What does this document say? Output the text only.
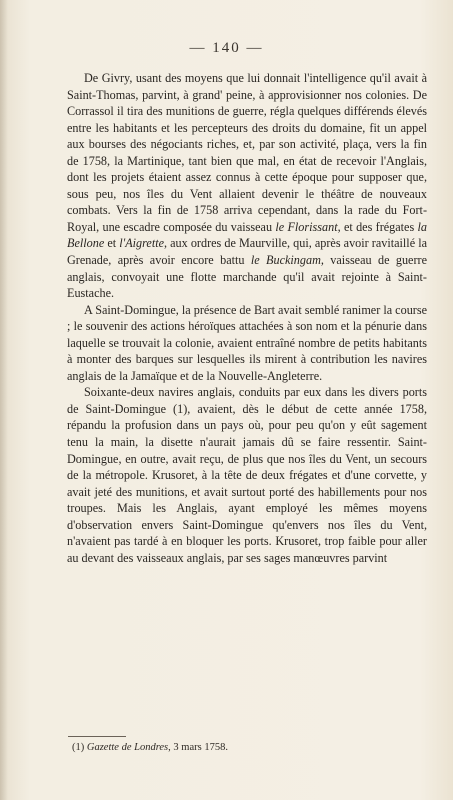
— 140 —

De Givry, usant des moyens que lui donnait l'intelligence qu'il avait à Saint-Thomas, parvint, à grand' peine, à approvisionner nos colonies. De Corrassol il tira des munitions de guerre, régla quelques différends élevés entre les habitants et les percepteurs des droits du domaine, fit un appel aux bourses des négociants riches, et, par son activité, plaça, vers la fin de 1758, la Martinique, tant bien que mal, en état de recevoir l'Anglais, dont les projets étaient assez connus à cette époque pour supposer que, sous peu, nos îles du Vent allaient devenir le théâtre de nouveaux combats. Vers la fin de 1758 arriva cependant, dans la rade du Fort-Royal, une escadre composée du vaisseau le Florissant, et des frégates la Bellone et l'Aigrette, aux ordres de Maurville, qui, après avoir ravitaillé la Grenade, après avoir encore battu le Buckingam, vaisseau de guerre anglais, convoyait une flotte marchande qu'il avait rejointe à Saint-Eustache.

A Saint-Domingue, la présence de Bart avait semblé ranimer la course ; le souvenir des actions héroïques attachées à son nom et la pénurie dans laquelle se trouvait la colonie, avaient entraîné nombre de petits habitants à monter des barques sur lesquelles ils mirent à contribution les navires anglais de la Jamaïque et de la Nouvelle-Angleterre.

Soixante-deux navires anglais, conduits par eux dans les divers ports de Saint-Domingue (1), avaient, dès le début de cette année 1758, répandu la profusion dans un pays où, pour peu qu'on y eût sagement tenu la main, la disette n'aurait jamais dû se faire ressentir. Saint-Domingue, en outre, avait reçu, de plus que nos îles du Vent, un secours de la métropole. Krusoret, à la tête de deux frégates et d'une corvette, y avait jeté des munitions, et avait surtout porté des habillements pour nos troupes. Mais les Anglais, ayant employé les mêmes moyens d'observation envers Saint-Domingue qu'envers nos îles du Vent, n'avaient pas tardé à en bloquer les ports. Krusoret, trop faible pour aller au devant des vaisseaux anglais, par ses sages manœuvres parvint

(1) Gazette de Londres, 3 mars 1758.
